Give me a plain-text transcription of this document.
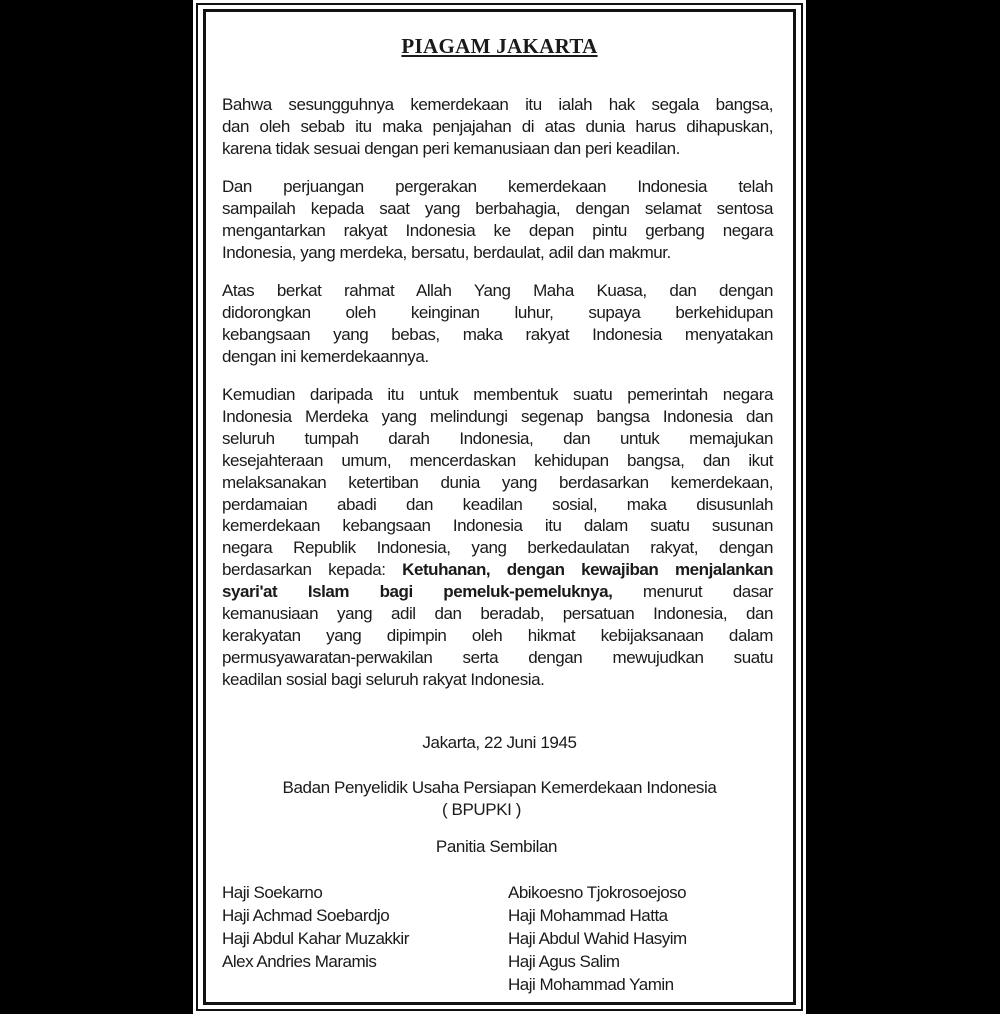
PIAGAM JAKARTA
Bahwa sesungguhnya kemerdekaan itu ialah hak segala bangsa,
dan oleh sebab itu maka penjajahan di atas dunia harus dihapuskan,
karena tidak sesuai dengan peri kemanusiaan dan peri keadilan.
Dan perjuangan pergerakan kemerdekaan Indonesia telah
sampailah kepada saat yang berbahagia, dengan selamat sentosa
mengantarkan rakyat Indonesia ke depan pintu gerbang negara
Indonesia, yang merdeka, bersatu, berdaulat, adil dan makmur.
Atas berkat rahmat Allah Yang Maha Kuasa, dan dengan
didorongkan oleh keinginan luhur, supaya berkehidupan
kebangsaan yang bebas, maka rakyat Indonesia menyatakan
dengan ini kemerdekaannya.
Kemudian daripada itu untuk membentuk suatu pemerintah negara
Indonesia Merdeka yang melindungi segenap bangsa Indonesia dan
seluruh tumpah darah Indonesia, dan untuk memajukan
kesejahteraan umum, mencerdaskan kehidupan bangsa, dan ikut
melaksanakan ketertiban dunia yang berdasarkan kemerdekaan,
perdamaian abadi dan keadilan sosial, maka disusunlah
kemerdekaan kebangsaan Indonesia itu dalam suatu susunan
negara Republik Indonesia, yang berkedaulatan rakyat, dengan
berdasarkan kepada: Ketuhanan, dengan kewajiban menjalankan
syari'at Islam bagi pemeluk-pemeluknya, menurut dasar
kemanusiaan yang adil dan beradab, persatuan Indonesia, dan
kerakyatan yang dipimpin oleh hikmat kebijaksanaan dalam
permusyawaratan-perwakilan serta dengan mewujudkan suatu
keadilan sosial bagi seluruh rakyat Indonesia.
Jakarta, 22 Juni 1945
Badan Penyelidik Usaha Persiapan Kemerdekaan Indonesia
( BPUPKI )
Panitia Sembilan
Haji Soekarno
Haji Achmad Soebardjo
Haji Abdul Kahar Muzakkir
Alex Andries Maramis
Abikoesno Tjokrosoejoso
Haji Mohammad Hatta
Haji Abdul Wahid Hasyim
Haji Agus Salim
Haji Mohammad Yamin
